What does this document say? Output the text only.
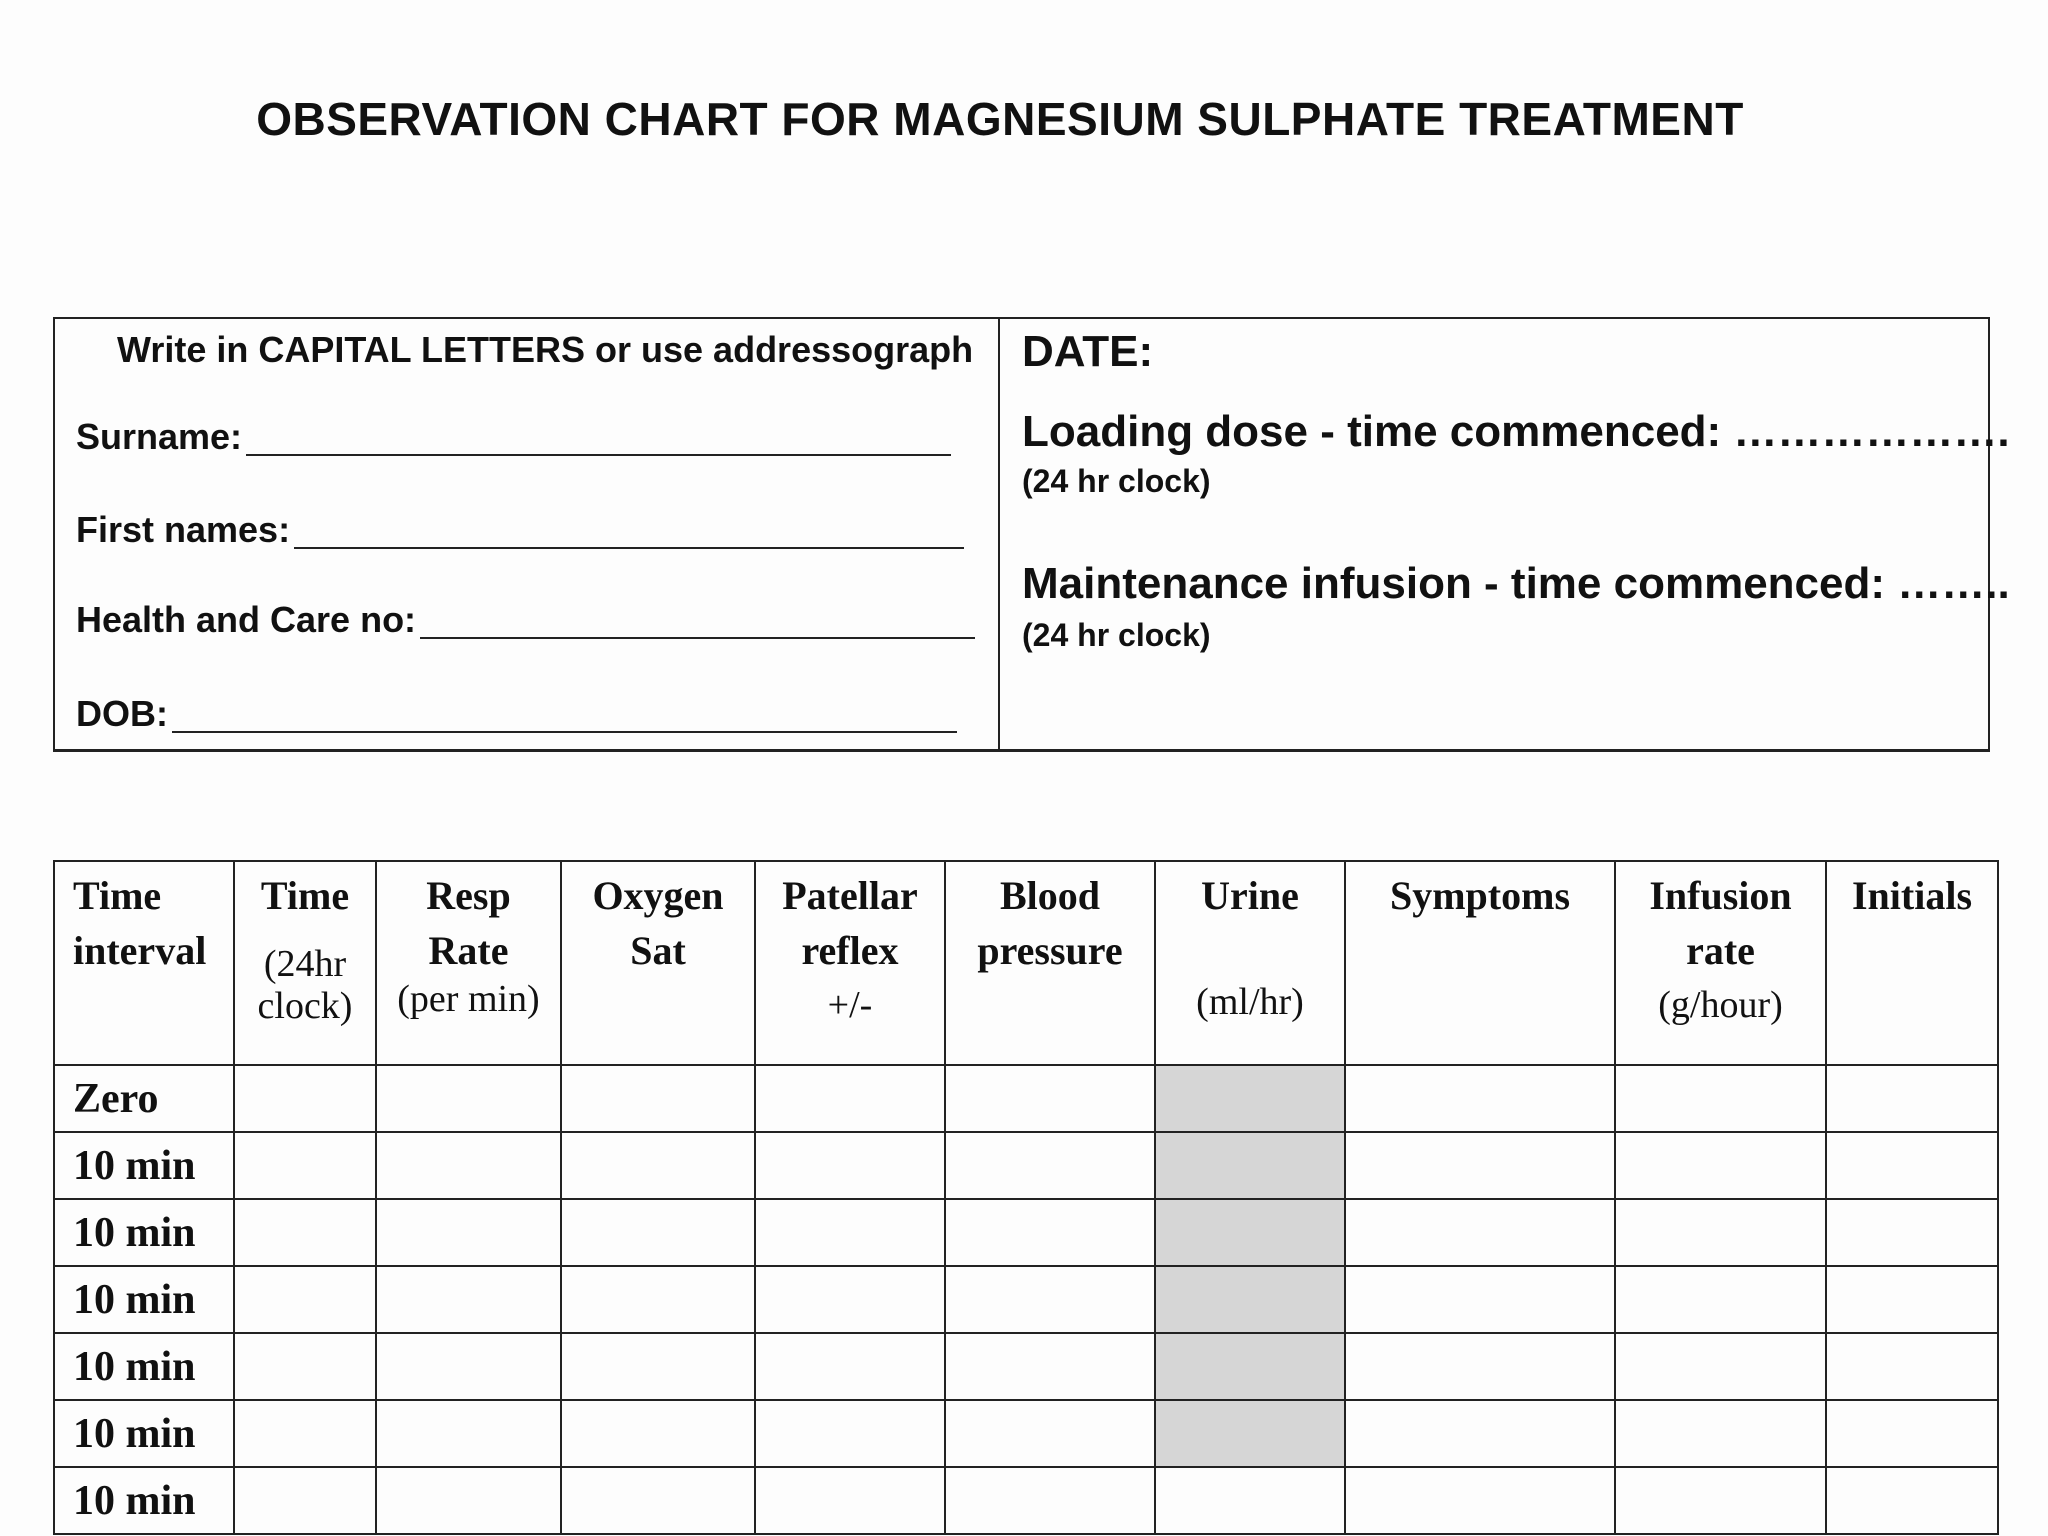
OBSERVATION CHART FOR MAGNESIUM SULPHATE TREATMENT
Write in CAPITAL LETTERS or use addressograph
Surname:
First names:
Health and Care no:
DOB:
DATE:
Loading dose - time commenced: ……………….
(24 hr clock)
Maintenance infusion - time commenced: ……..
(24 hr clock)
Time
interval	Time
(24hr
clock)	Resp
Rate
(per min)	Oxygen
Sat	Patellar
reflex
+/-	Blood
pressure	Urine
(ml/hr)	Symptoms	Infusion
rate
(g/hour)	Initials

Zero									
10 min									
10 min									
10 min									
10 min									
10 min									
10 min									
